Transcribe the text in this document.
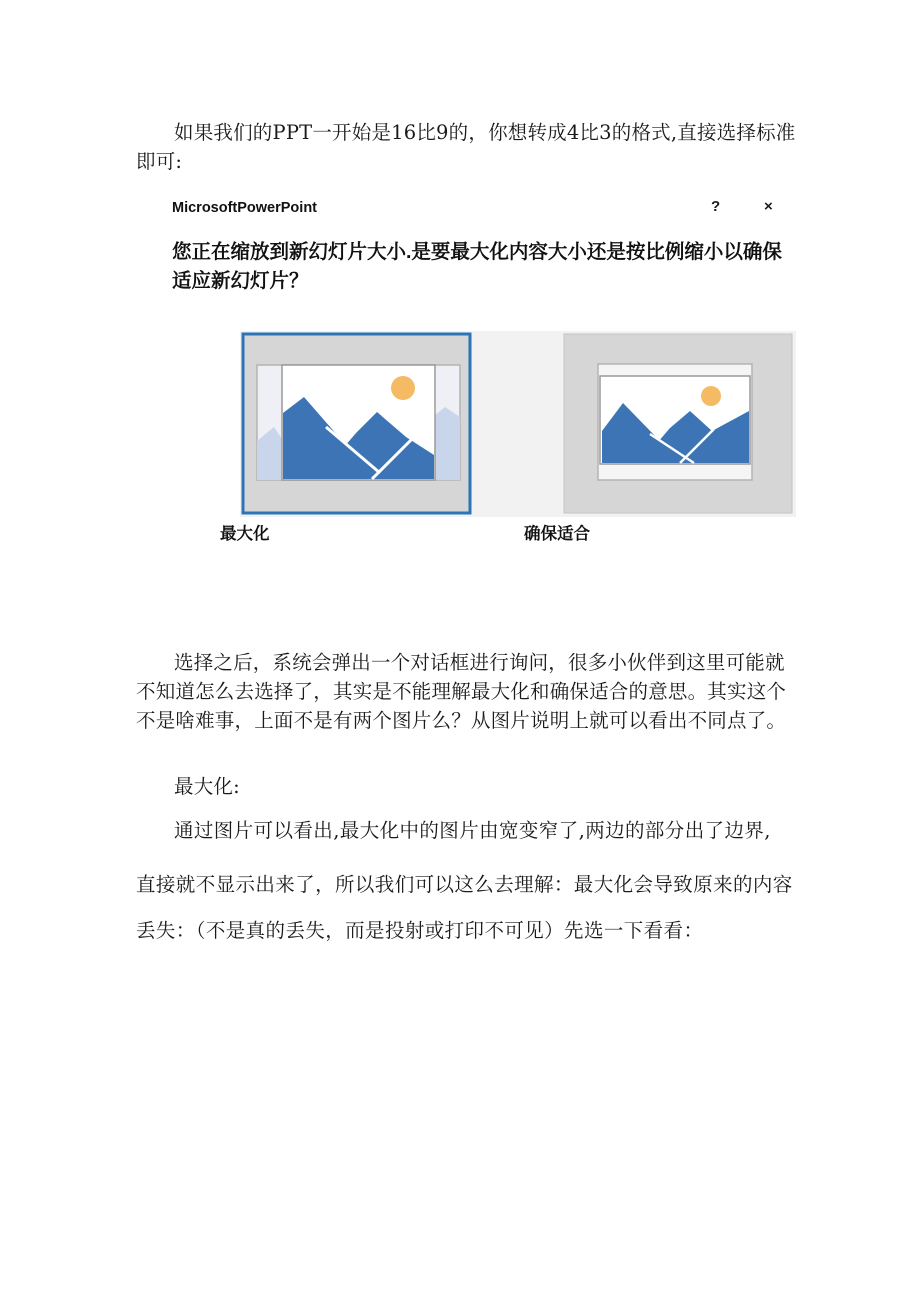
如果我们的PPT一开始是16比9的，你想转成4比3的格式,直接选择标准即可:

MicrosoftPowerPoint	?	×
您正在缩放到新幻灯片大小.是要最大化内容大小还是按比例缩小以确保适应新幻灯片？
最大化	确保适合

选择之后，系统会弹出一个对话框进行询问，很多小伙伴到这里可能就不知道怎么去选择了，其实是不能理解最大化和确保适合的意思。其实这个不是啥难事，上面不是有两个图片么？从图片说明上就可以看出不同点了。

最大化:

通过图片可以看出,最大化中的图片由宽变窄了,两边的部分出了边界,

直接就不显示出来了，所以我们可以这么去理解：最大化会导致原来的内容

丢失：（不是真的丢失，而是投射或打印不可见）先选一下看看：
